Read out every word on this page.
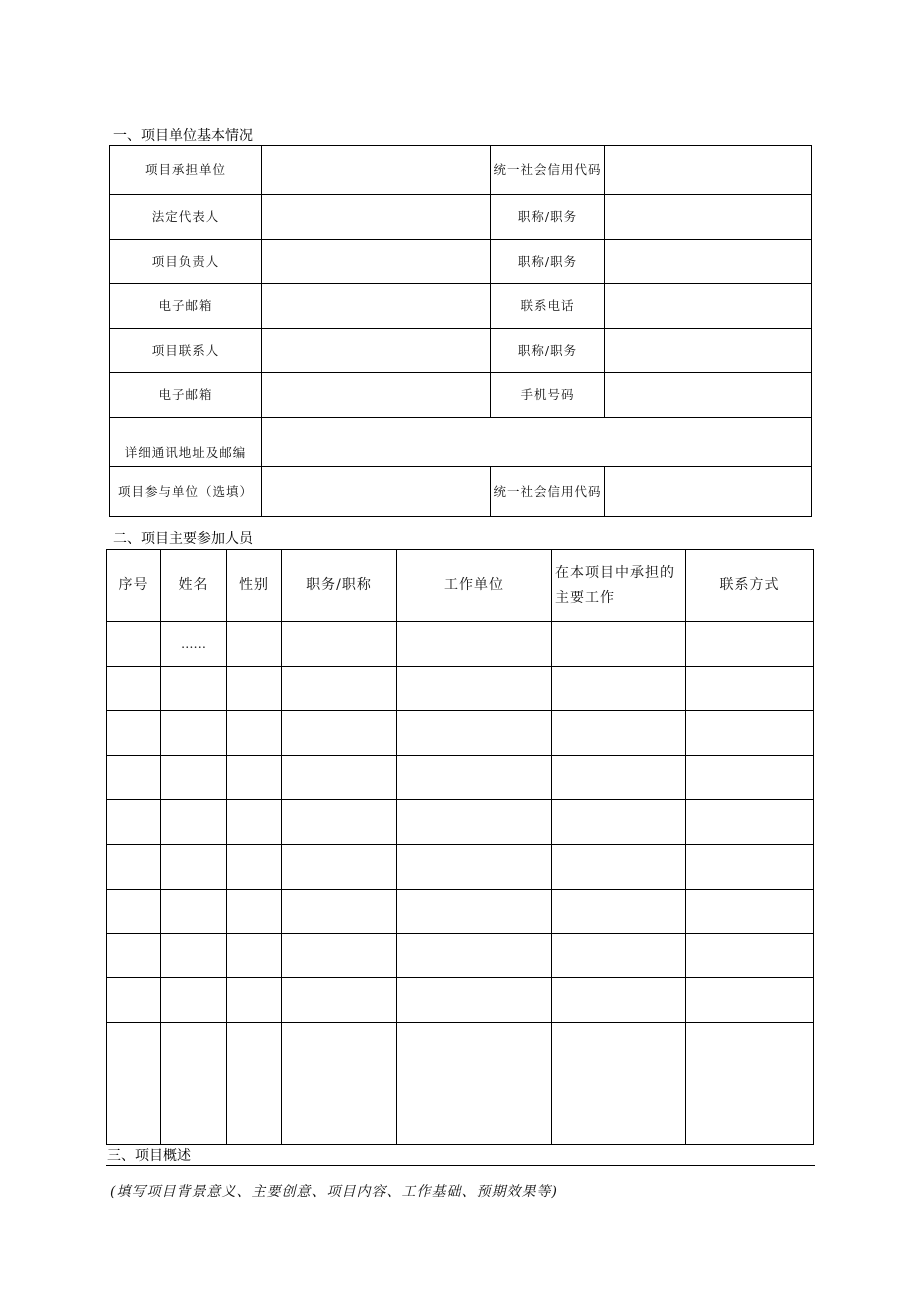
一、项目单位基本情况
项目承担单位		统一社会信用代码	
法定代表人		职称/职务	
项目负责人		职称/职务	
电子邮箱		联系电话	
项目联系人		职称/职务	
电子邮箱		手机号码	
详细通讯地址及邮编			
项目参与单位（选填）		统一社会信用代码	
二、项目主要参加人员
序号	姓名	性别	职务/职称	工作单位	在本项目中承担的主要工作	联系方式
	……					

三、项目概述
(填写项目背景意义、主要创意、项目内容、工作基础、预期效果等)
